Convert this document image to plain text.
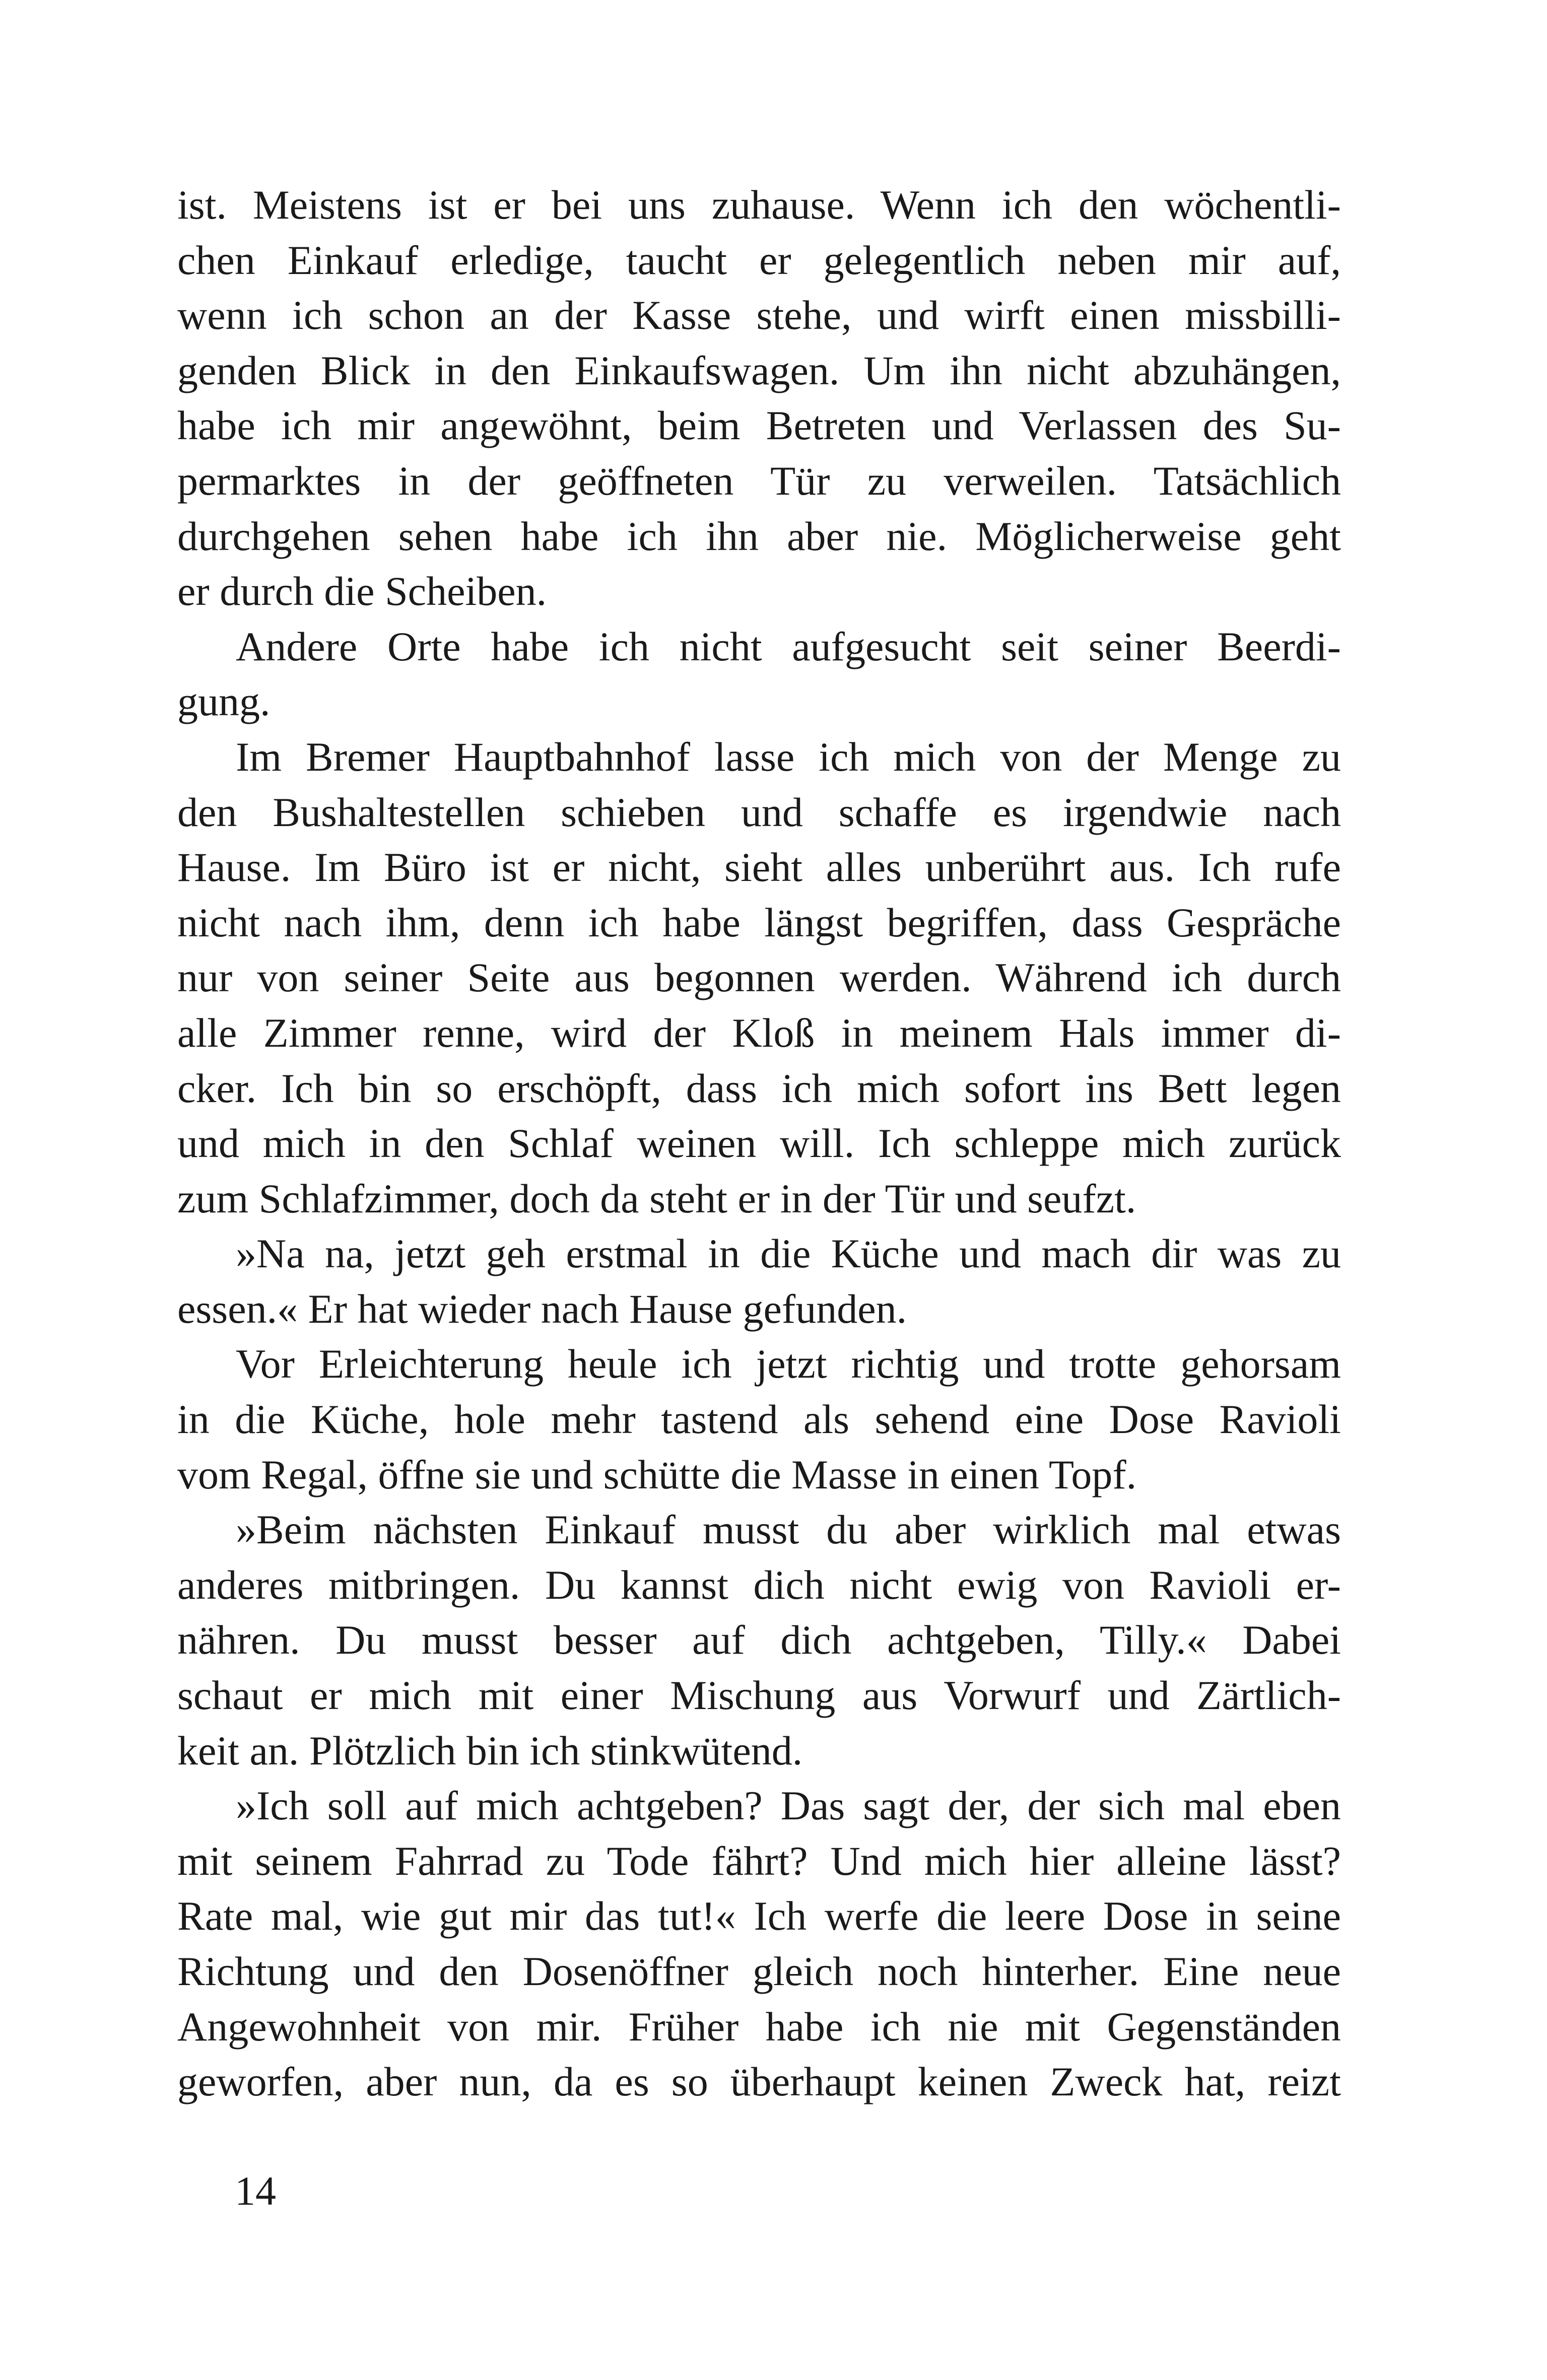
ist. Meistens ist er bei uns zuhause. Wenn ich den wöchentli-
chen Einkauf erledige, taucht er gelegentlich neben mir auf,
wenn ich schon an der Kasse stehe, und wirft einen missbilli-
genden Blick in den Einkaufswagen. Um ihn nicht abzuhängen,
habe ich mir angewöhnt, beim Betreten und Verlassen des Su-
permarktes in der geöffneten Tür zu verweilen. Tatsächlich
durchgehen sehen habe ich ihn aber nie. Möglicherweise geht
er durch die Scheiben.
Andere Orte habe ich nicht aufgesucht seit seiner Beerdi-
gung.
Im Bremer Hauptbahnhof lasse ich mich von der Menge zu
den Bushaltestellen schieben und schaffe es irgendwie nach
Hause. Im Büro ist er nicht, sieht alles unberührt aus. Ich rufe
nicht nach ihm, denn ich habe längst begriffen, dass Gespräche
nur von seiner Seite aus begonnen werden. Während ich durch
alle Zimmer renne, wird der Kloß in meinem Hals immer di-
cker. Ich bin so erschöpft, dass ich mich sofort ins Bett legen
und mich in den Schlaf weinen will. Ich schleppe mich zurück
zum Schlafzimmer, doch da steht er in der Tür und seufzt.
»Na na, jetzt geh erstmal in die Küche und mach dir was zu
essen.« Er hat wieder nach Hause gefunden.
Vor Erleichterung heule ich jetzt richtig und trotte gehorsam
in die Küche, hole mehr tastend als sehend eine Dose Ravioli
vom Regal, öffne sie und schütte die Masse in einen Topf.
»Beim nächsten Einkauf musst du aber wirklich mal etwas
anderes mitbringen. Du kannst dich nicht ewig von Ravioli er-
nähren. Du musst besser auf dich achtgeben, Tilly.« Dabei
schaut er mich mit einer Mischung aus Vorwurf und Zärtlich-
keit an. Plötzlich bin ich stinkwütend.
»Ich soll auf mich achtgeben? Das sagt der, der sich mal eben
mit seinem Fahrrad zu Tode fährt? Und mich hier alleine lässt?
Rate mal, wie gut mir das tut!« Ich werfe die leere Dose in seine
Richtung und den Dosenöffner gleich noch hinterher. Eine neue
Angewohnheit von mir. Früher habe ich nie mit Gegenständen
geworfen, aber nun, da es so überhaupt keinen Zweck hat, reizt
14
